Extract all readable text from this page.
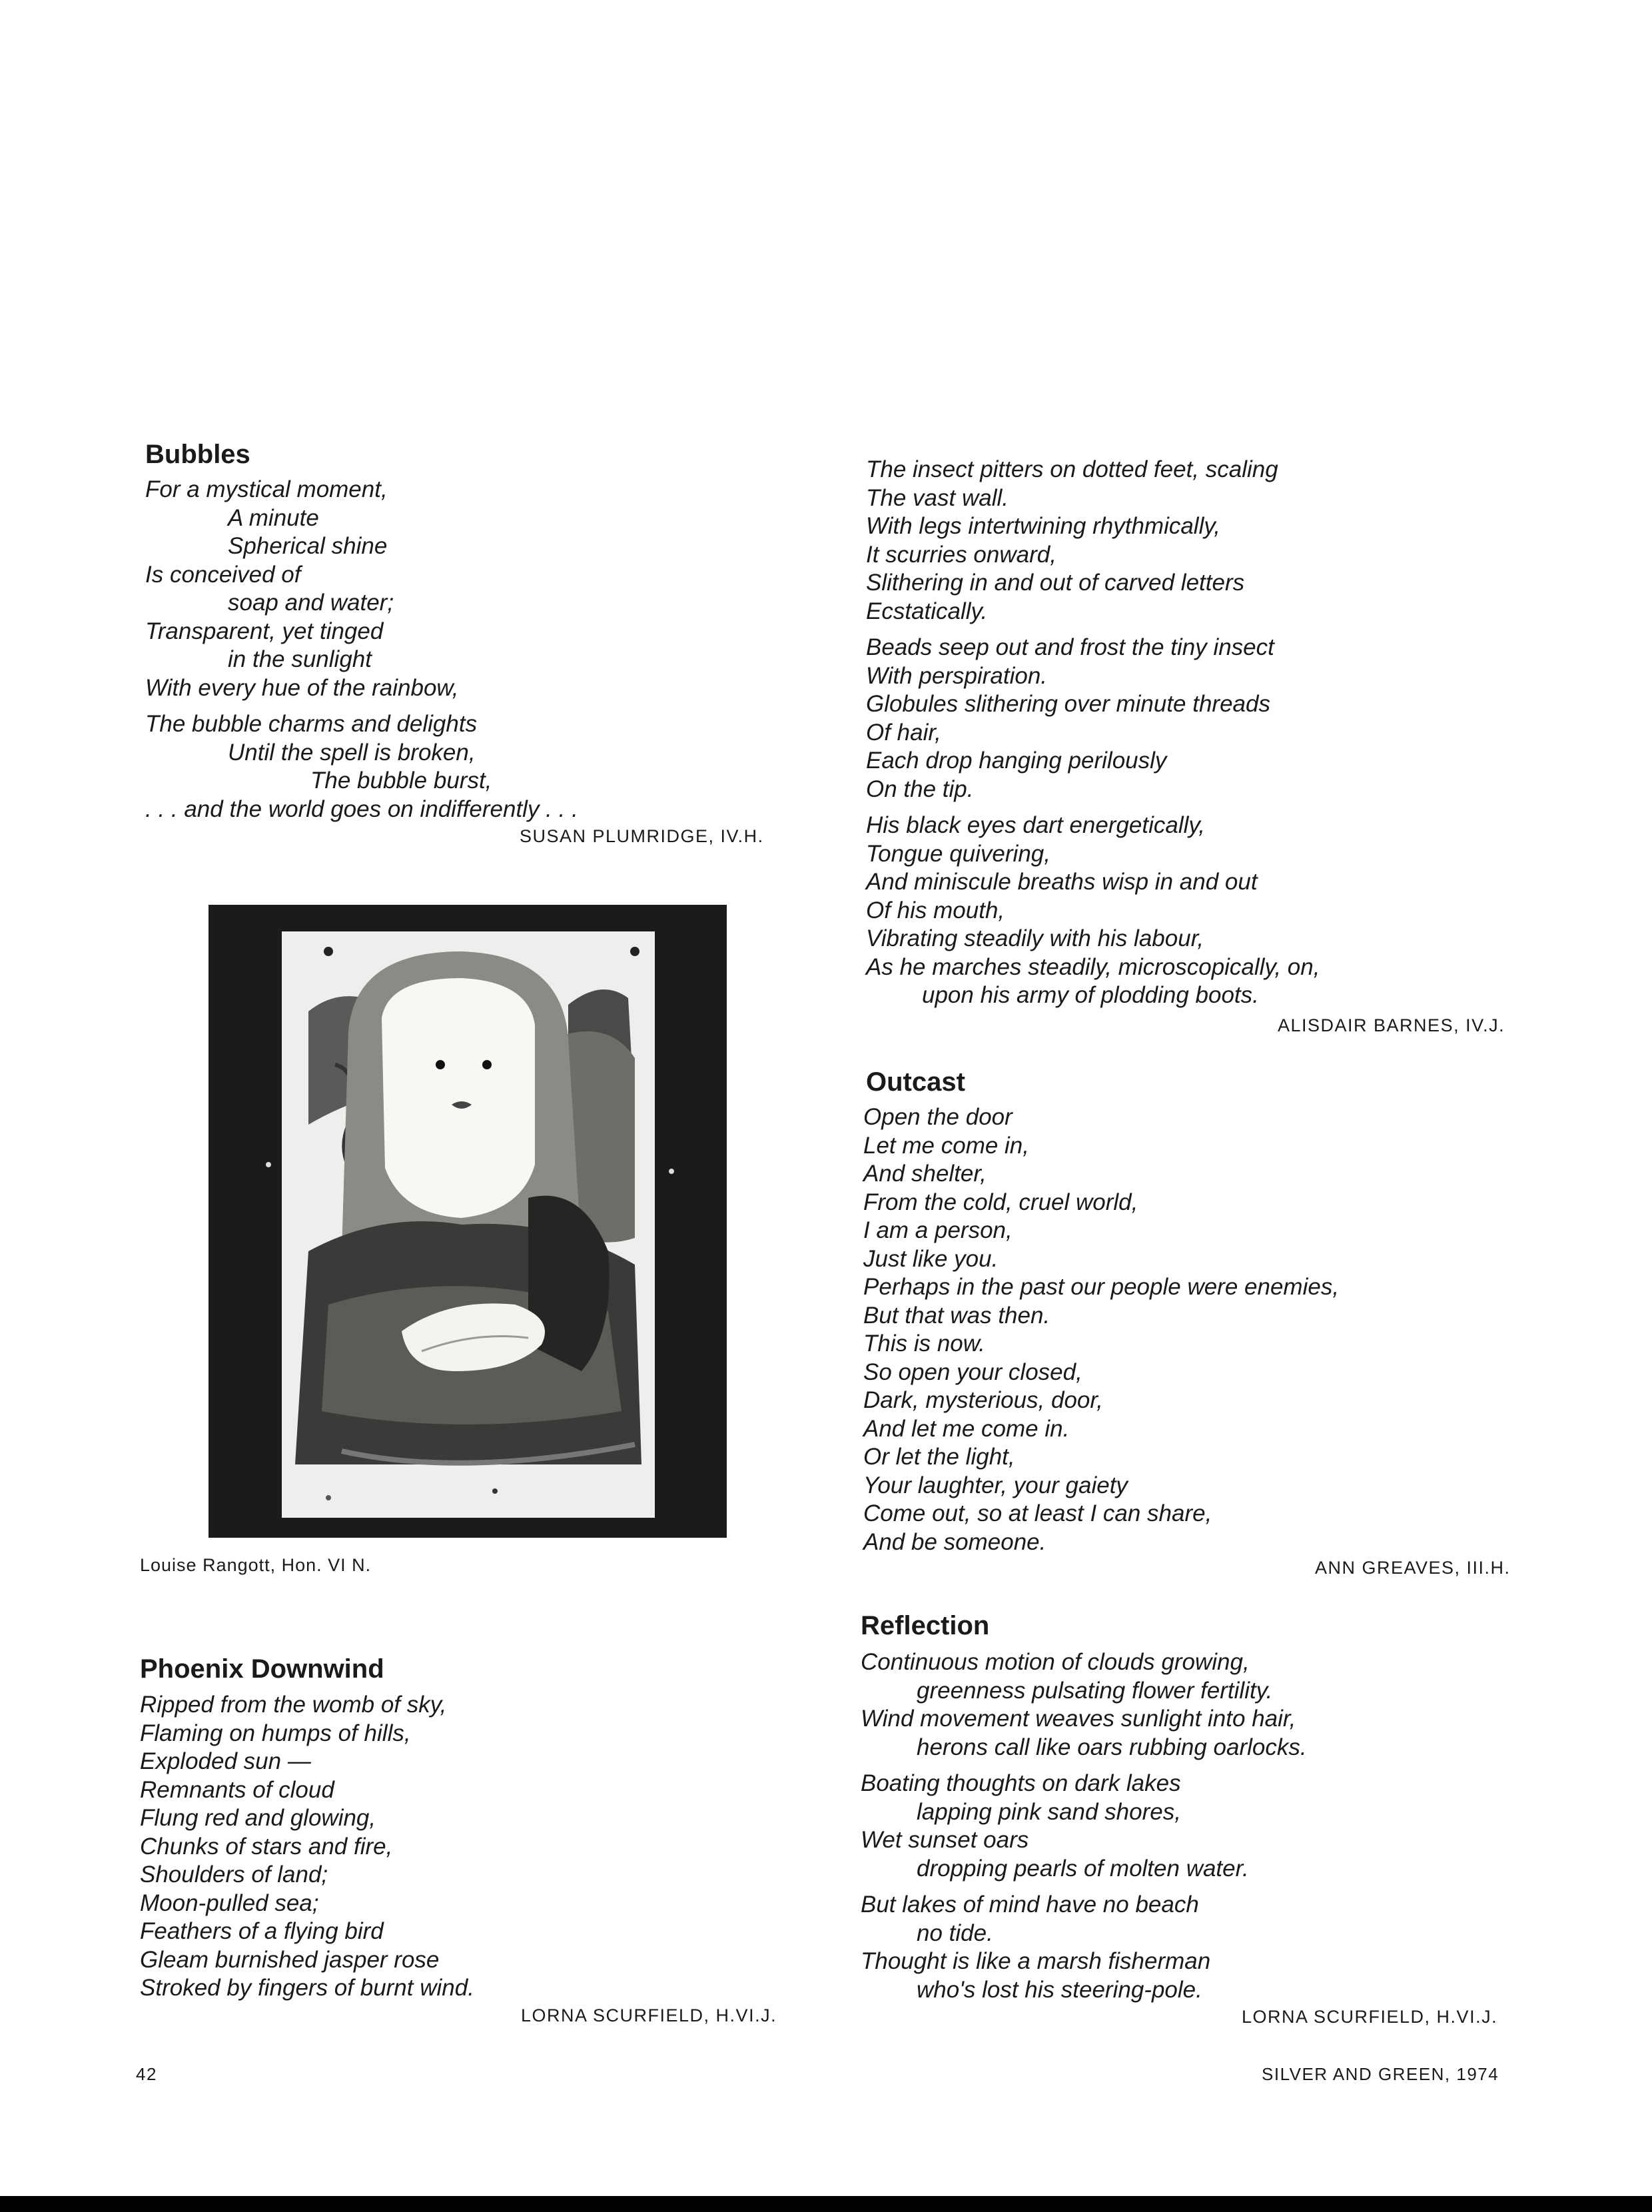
Bubbles
For a mystical moment,
A minute
Spherical shine
Is conceived of
soap and water;
Transparent, yet tinged
in the sunlight
With every hue of the rainbow,
The bubble charms and delights
Until the spell is broken,
The bubble burst,
. . . and the world goes on indifferently . . .
SUSAN PLUMRIDGE, IV.H.
Louise Rangott, Hon. VI N.
Phoenix Downwind
Ripped from the womb of sky,
Flaming on humps of hills,
Exploded sun —
Remnants of cloud
Flung red and glowing,
Chunks of stars and fire,
Shoulders of land;
Moon-pulled sea;
Feathers of a flying bird
Gleam burnished jasper rose
Stroked by fingers of burnt wind.
LORNA SCURFIELD, H.VI.J.
The insect pitters on dotted feet, scaling
The vast wall.
With legs intertwining rhythmically,
It scurries onward,
Slithering in and out of carved letters
Ecstatically.
Beads seep out and frost the tiny insect
With perspiration.
Globules slithering over minute threads
Of hair,
Each drop hanging perilously
On the tip.
His black eyes dart energetically,
Tongue quivering,
And miniscule breaths wisp in and out
Of his mouth,
Vibrating steadily with his labour,
As he marches steadily, microscopically, on,
upon his army of plodding boots.
ALISDAIR BARNES, IV.J.
Outcast
Open the door
Let me come in,
And shelter,
From the cold, cruel world,
I am a person,
Just like you.
Perhaps in the past our people were enemies,
But that was then.
This is now.
So open your closed,
Dark, mysterious, door,
And let me come in.
Or let the light,
Your laughter, your gaiety
Come out, so at least I can share,
And be someone.
ANN GREAVES, III.H.
Reflection
Continuous motion of clouds growing,
greenness pulsating flower fertility.
Wind movement weaves sunlight into hair,
herons call like oars rubbing oarlocks.
Boating thoughts on dark lakes
lapping pink sand shores,
Wet sunset oars
dropping pearls of molten water.
But lakes of mind have no beach
no tide.
Thought is like a marsh fisherman
who's lost his steering-pole.
LORNA SCURFIELD, H.VI.J.
42	SILVER AND GREEN, 1974
